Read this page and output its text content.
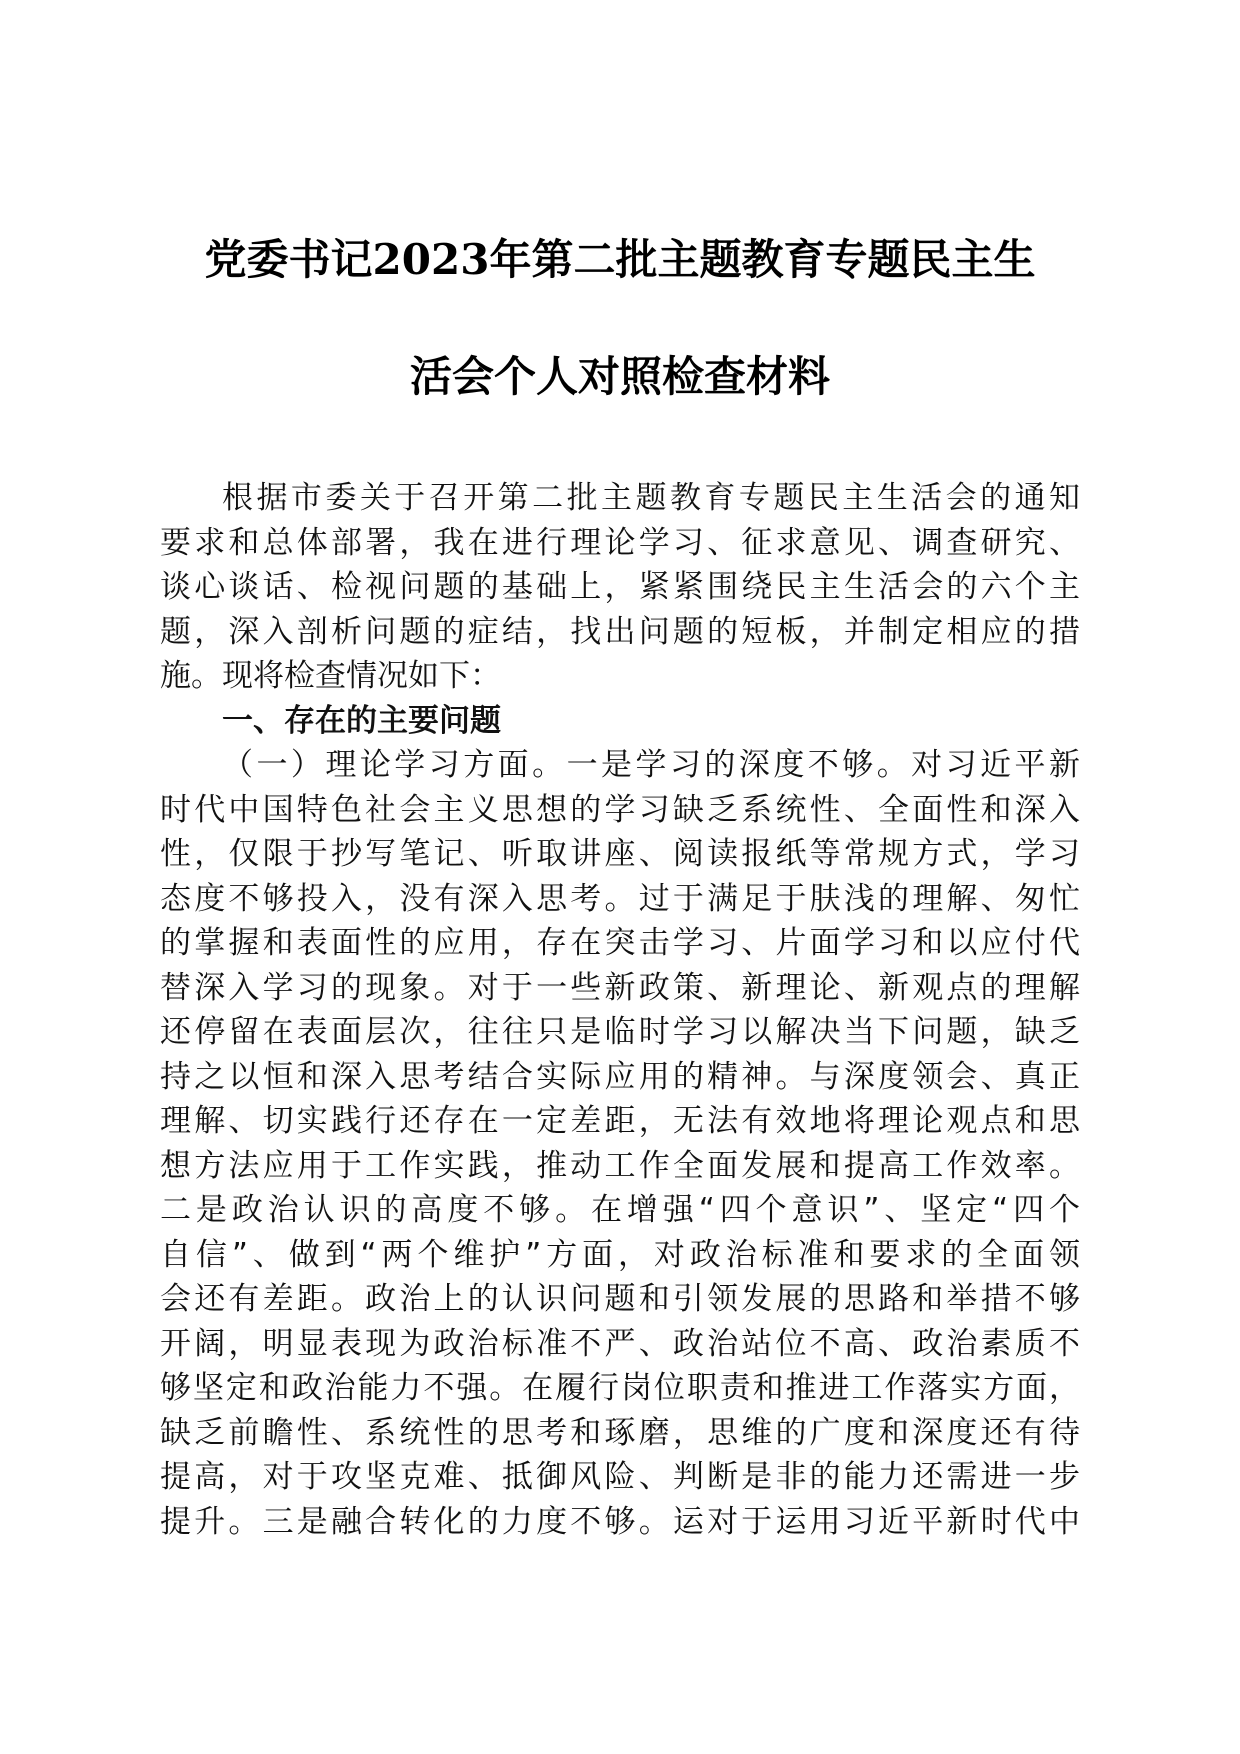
党委书记2023年第二批主题教育专题民主生
活会个人对照检查材料
根据市委关于召开第二批主题教育专题民主生活会的通知
要求和总体部署，我在进行理论学习、征求意见、调查研究、
谈心谈话、检视问题的基础上，紧紧围绕民主生活会的六个主
题，深入剖析问题的症结，找出问题的短板，并制定相应的措
施。现将检查情况如下：
一、存在的主要问题
（一）理论学习方面。一是学习的深度不够。对习近平新
时代中国特色社会主义思想的学习缺乏系统性、全面性和深入
性，仅限于抄写笔记、听取讲座、阅读报纸等常规方式，学习
态度不够投入，没有深入思考。过于满足于肤浅的理解、匆忙
的掌握和表面性的应用，存在突击学习、片面学习和以应付代
替深入学习的现象。对于一些新政策、新理论、新观点的理解
还停留在表面层次，往往只是临时学习以解决当下问题，缺乏
持之以恒和深入思考结合实际应用的精神。与深度领会、真正
理解、切实践行还存在一定差距，无法有效地将理论观点和思
想方法应用于工作实践，推动工作全面发展和提高工作效率。
二是政治认识的高度不够。在增强“四个意识”、坚定“四个
自信”、做到“两个维护”方面，对政治标准和要求的全面领
会还有差距。政治上的认识问题和引领发展的思路和举措不够
开阔，明显表现为政治标准不严、政治站位不高、政治素质不
够坚定和政治能力不强。在履行岗位职责和推进工作落实方面，
缺乏前瞻性、系统性的思考和琢磨，思维的广度和深度还有待
提高，对于攻坚克难、抵御风险、判断是非的能力还需进一步
提升。三是融合转化的力度不够。运对于运用习近平新时代中
